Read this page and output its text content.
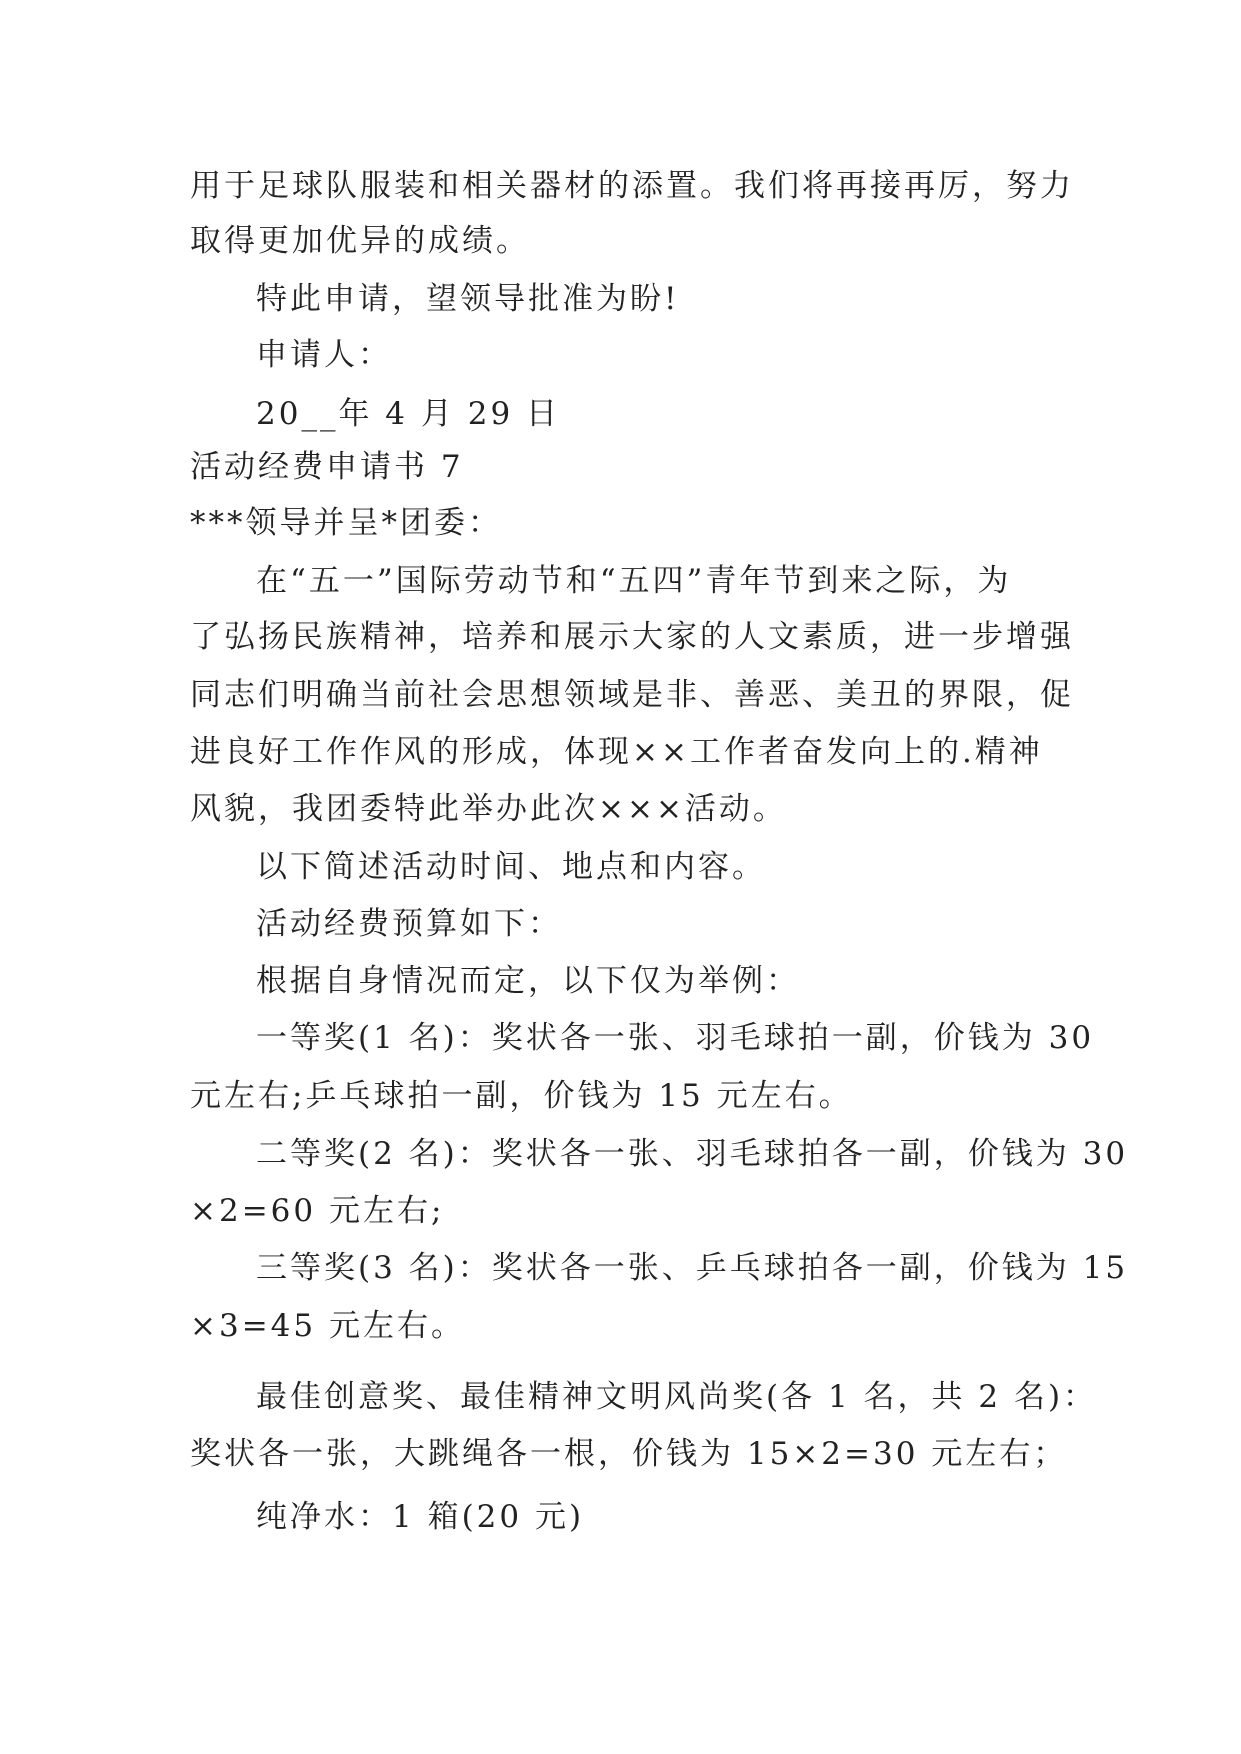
用于足球队服装和相关器材的添置。我们将再接再厉，努力
取得更加优异的成绩。
特此申请，望领导批准为盼!
申请人：
20__年 4 月 29 日
活动经费申请书 7
***领导并呈*团委：
在“五一”国际劳动节和“五四”青年节到来之际，为
了弘扬民族精神，培养和展示大家的人文素质，进一步增强
同志们明确当前社会思想领域是非、善恶、美丑的界限，促
进良好工作作风的形成，体现××工作者奋发向上的.精神
风貌，我团委特此举办此次×××活动。
以下简述活动时间、地点和内容。
活动经费预算如下：
根据自身情况而定，以下仅为举例：
一等奖(1 名)：奖状各一张、羽毛球拍一副，价钱为 30
元左右;乒乓球拍一副，价钱为 15 元左右。
二等奖(2 名)：奖状各一张、羽毛球拍各一副，价钱为 30
×2=60 元左右;
三等奖(3 名)：奖状各一张、乒乓球拍各一副，价钱为 15
×3=45 元左右。
最佳创意奖、最佳精神文明风尚奖(各 1 名，共 2 名)：
奖状各一张，大跳绳各一根，价钱为 15×2=30 元左右；
纯净水：1 箱(20 元)
